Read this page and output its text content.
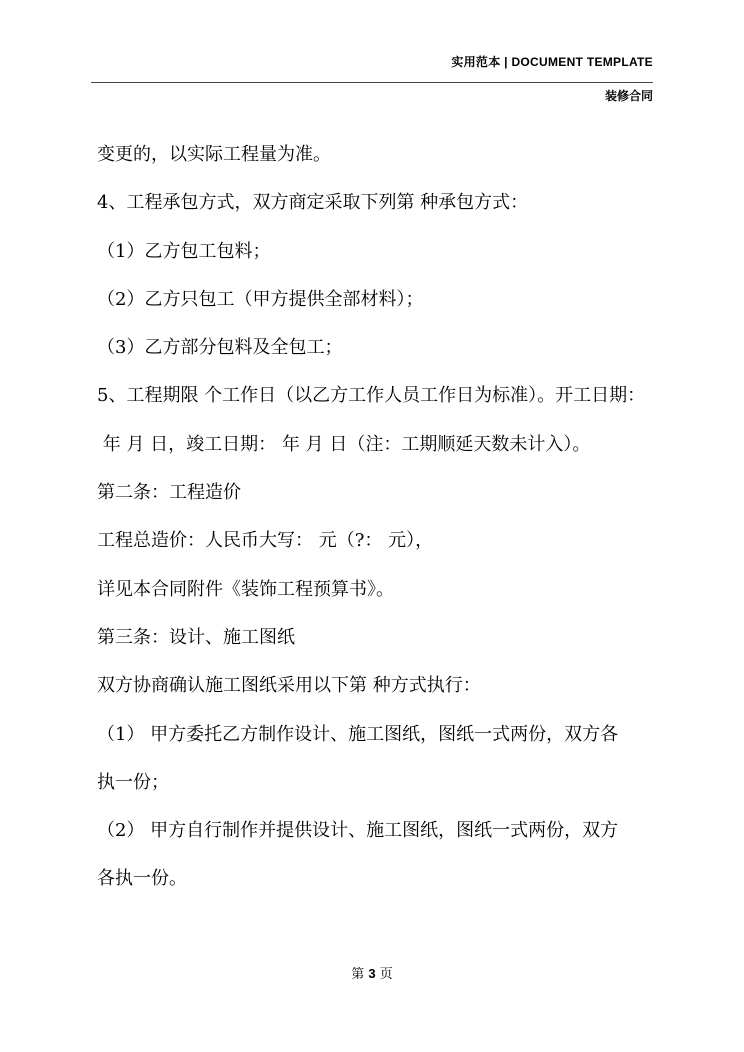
实用范本 | DOCUMENT TEMPLATE
装修合同
变更的，以实际工程量为准。
4、工程承包方式，双方商定采取下列第 种承包方式：
（1）乙方包工包料；
（2）乙方只包工（甲方提供全部材料）；
（3）乙方部分包料及全包工；
5、工程期限 个工作日（以乙方工作人员工作日为标准）。开工日期：
年 月 日，竣工日期： 年 月 日（注：工期顺延天数未计入）。
第二条：工程造价
工程总造价：人民币大写： 元（?： 元），
详见本合同附件《装饰工程预算书》。
第三条：设计、施工图纸
双方协商确认施工图纸采用以下第 种方式执行：
（1） 甲方委托乙方制作设计、施工图纸，图纸一式两份，双方各
执一份；
（2） 甲方自行制作并提供设计、施工图纸，图纸一式两份，双方
各执一份。
第 3 页
